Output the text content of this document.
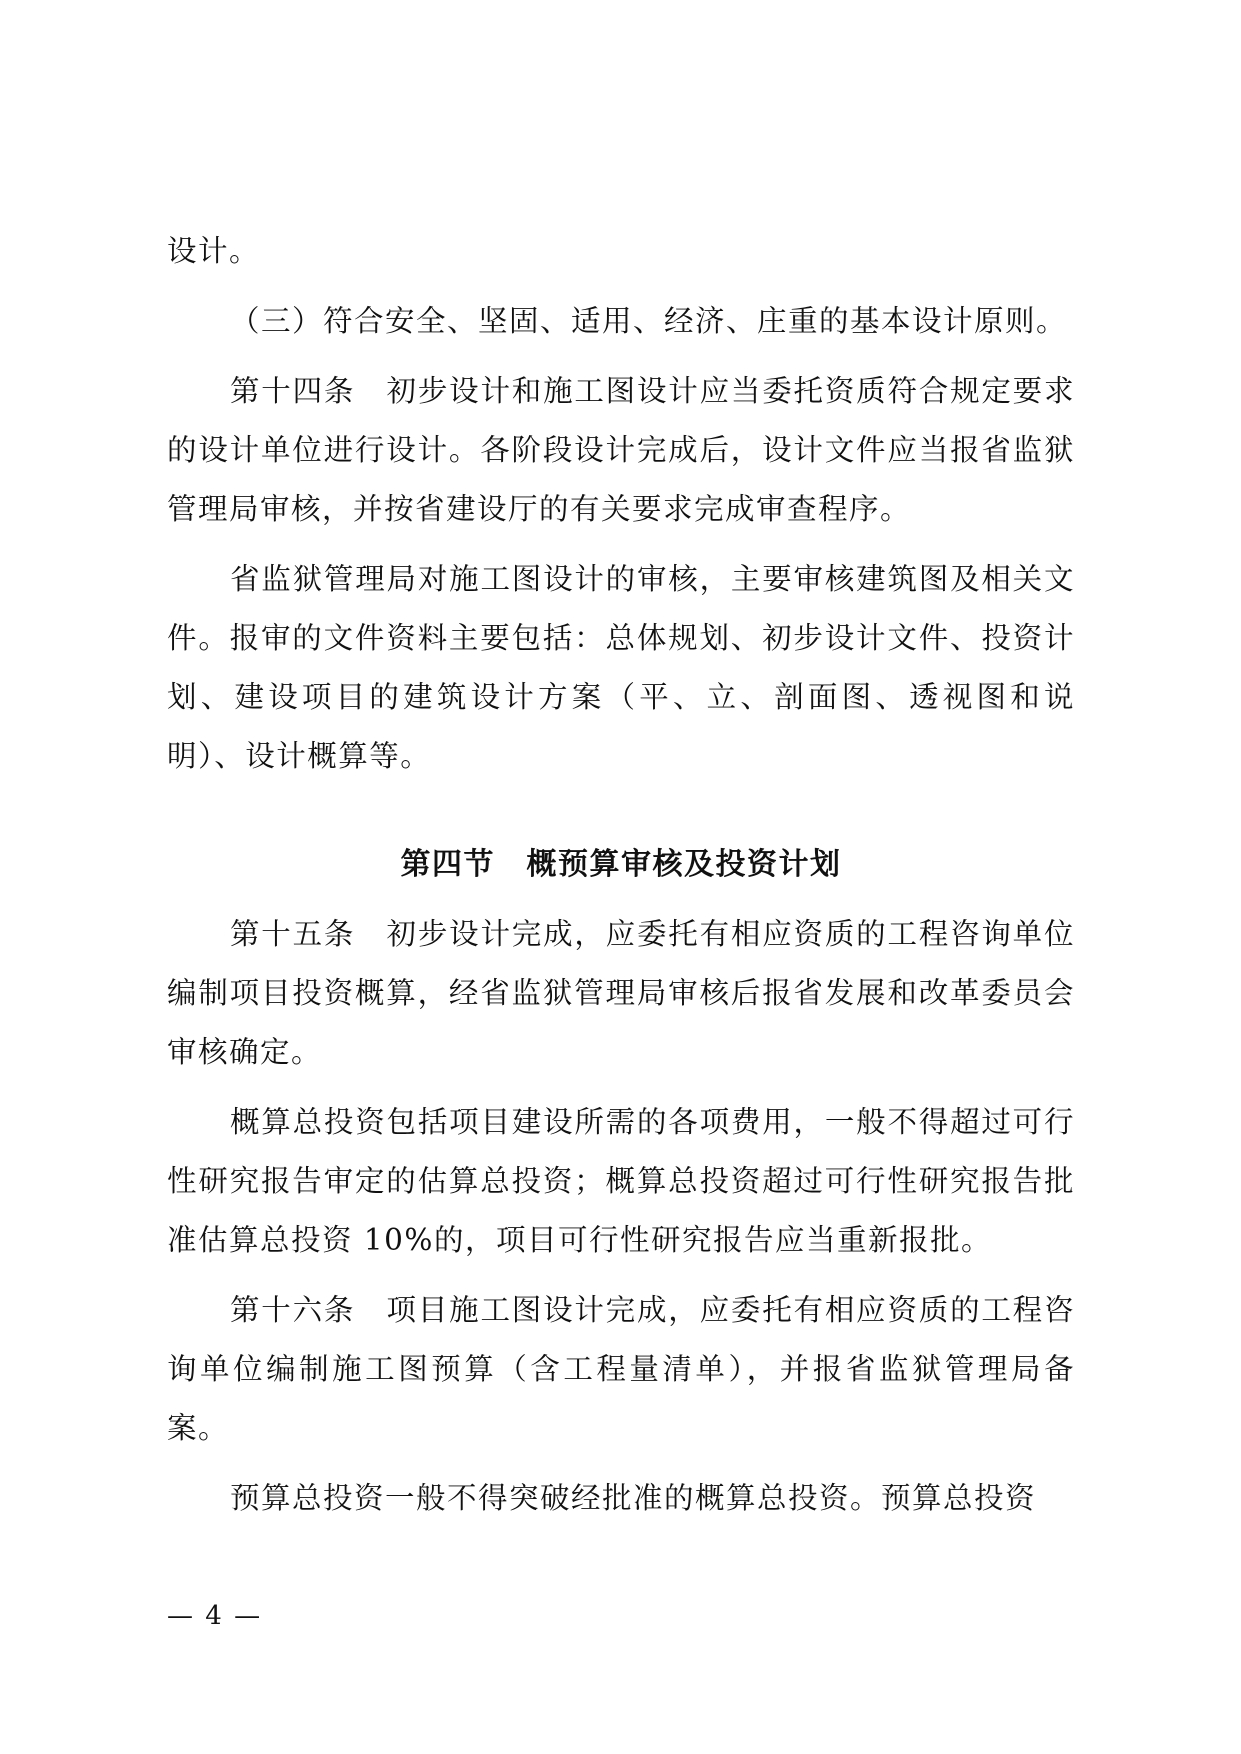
设计。

（三）符合安全、坚固、适用、经济、庄重的基本设计原则。

第十四条　初步设计和施工图设计应当委托资质符合规定要求的设计单位进行设计。各阶段设计完成后，设计文件应当报省监狱管理局审核，并按省建设厅的有关要求完成审查程序。

省监狱管理局对施工图设计的审核，主要审核建筑图及相关文件。报审的文件资料主要包括：总体规划、初步设计文件、投资计划、建设项目的建筑设计方案（平、立、剖面图、透视图和说明）、设计概算等。

第四节　概预算审核及投资计划

第十五条　初步设计完成，应委托有相应资质的工程咨询单位编制项目投资概算，经省监狱管理局审核后报省发展和改革委员会审核确定。

概算总投资包括项目建设所需的各项费用，一般不得超过可行性研究报告审定的估算总投资；概算总投资超过可行性研究报告批准估算总投资 10%的，项目可行性研究报告应当重新报批。

第十六条　项目施工图设计完成，应委托有相应资质的工程咨询单位编制施工图预算（含工程量清单），并报省监狱管理局备案。

预算总投资一般不得突破经批准的概算总投资。预算总投资

— 4 —
